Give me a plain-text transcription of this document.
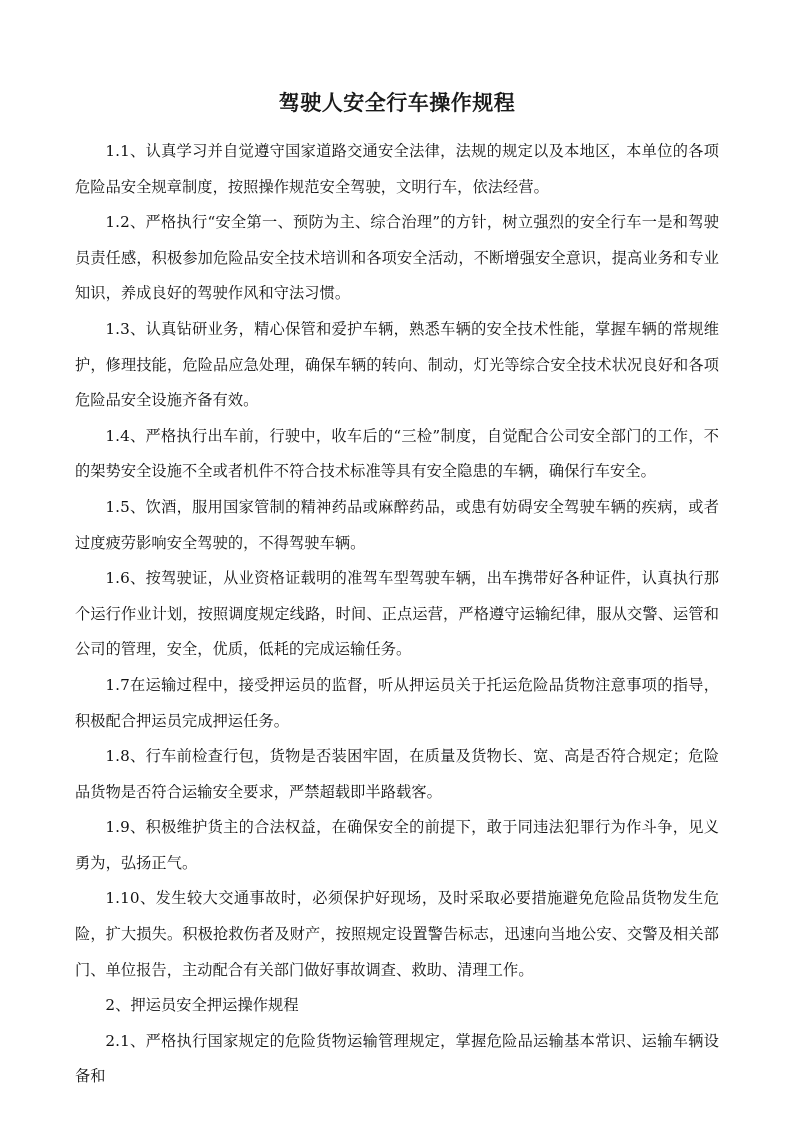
驾驶人安全行车操作规程

1.1、认真学习并自觉遵守国家道路交通安全法律，法规的规定以及本地区，本单位的各项危险品安全规章制度，按照操作规范安全驾驶，文明行车，依法经营。

1.2、严格执行“安全第一、预防为主、综合治理”的方针，树立强烈的安全行车一是和驾驶员责任感，积极参加危险品安全技术培训和各项安全活动，不断增强安全意识，提高业务和专业知识，养成良好的驾驶作风和守法习惯。

1.3、认真钻研业务，精心保管和爱护车辆，熟悉车辆的安全技术性能，掌握车辆的常规维护，修理技能，危险品应急处理，确保车辆的转向、制动，灯光等综合安全技术状况良好和各项危险品安全设施齐备有效。

1.4、严格执行出车前，行驶中，收车后的“三检”制度，自觉配合公司安全部门的工作，不的架势安全设施不全或者机件不符合技术标准等具有安全隐患的车辆，确保行车安全。

1.5、饮酒，服用国家管制的精神药品或麻醉药品，或患有妨碍安全驾驶车辆的疾病，或者过度疲劳影响安全驾驶的，不得驾驶车辆。

1.6、按驾驶证，从业资格证载明的准驾车型驾驶车辆，出车携带好各种证件，认真执行那个运行作业计划，按照调度规定线路，时间、正点运营，严格遵守运输纪律，服从交警、运管和公司的管理，安全，优质，低耗的完成运输任务。

1.7在运输过程中，接受押运员的监督，听从押运员关于托运危险品货物注意事项的指导，积极配合押运员完成押运任务。

1.8、行车前检查行包，货物是否装困牢固，在质量及货物长、宽、高是否符合规定；危险品货物是否符合运输安全要求，严禁超载即半路载客。

1.9、积极维护货主的合法权益，在确保安全的前提下，敢于同违法犯罪行为作斗争，见义勇为，弘扬正气。

1.10、发生较大交通事故时，必须保护好现场，及时采取必要措施避免危险品货物发生危险，扩大损失。积极抢救伤者及财产，按照规定设置警告标志，迅速向当地公安、交警及相关部门、单位报告，主动配合有关部门做好事故调查、救助、清理工作。

2、押运员安全押运操作规程

2.1、严格执行国家规定的危险货物运输管理规定，掌握危险品运输基本常识、运输车辆设备和
